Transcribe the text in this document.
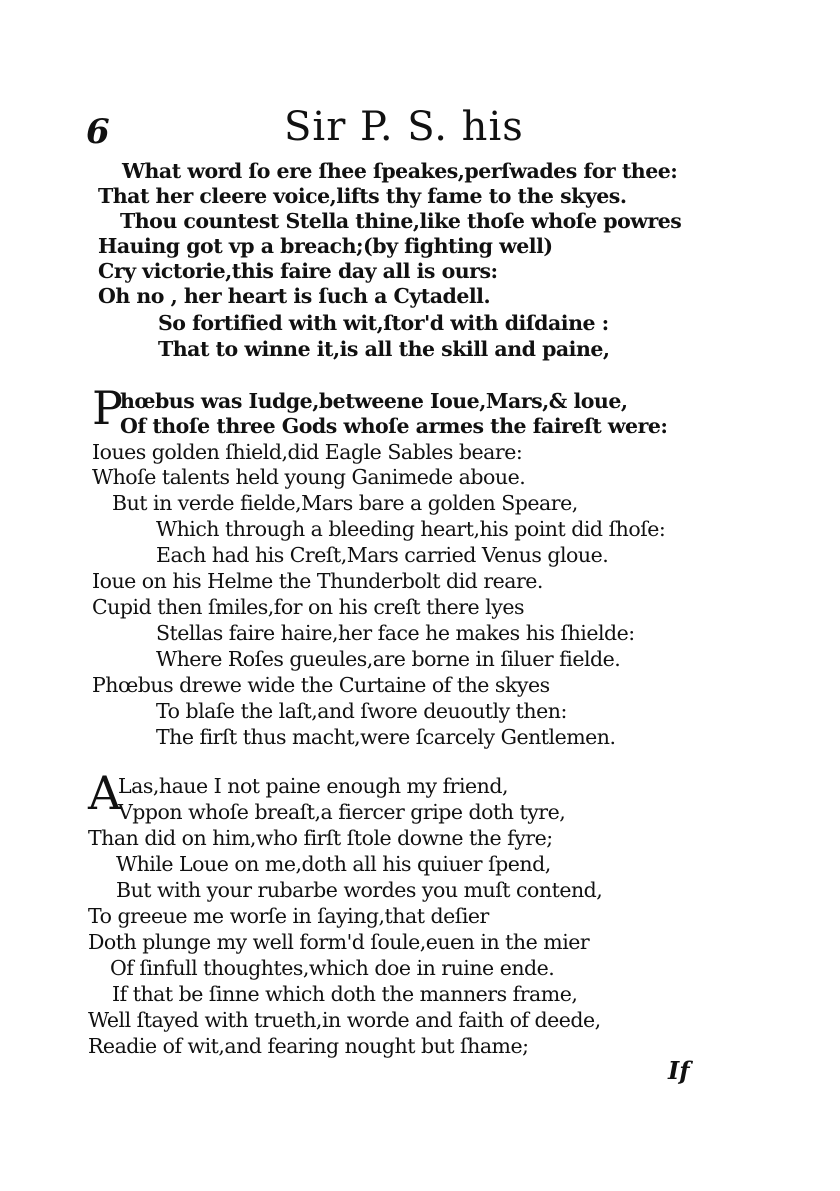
6	Sir P. S. his
What word ſo ere ſhee ſpeakes,perſwades for thee:
That her cleere voice,lifts thy fame to the skyes.
Thou countest Stella thine,like thoſe whoſe powres
Hauing got vp a breach;(by fighting well)
Cry victorie,this faire day all is ours:
Oh no , her heart is ſuch a Cytadell.
So fortified with wit,ſtor'd with diſdaine :
That to winne it,is all the skill and paine,
P
hœbus was Iudge,betweene Ioue,Mars,& loue,
Of thoſe three Gods whoſe armes the faireſt were:
Ioues golden ſhield,did Eagle Sables beare:
Whoſe talents held young Ganimede aboue.
But in verde fielde,Mars bare a golden Speare,
Which through a bleeding heart,his point did ſhoſe:
Each had his Creſt,Mars carried Venus gloue.
Ioue on his Helme the Thunderbolt did reare.
Cupid then ſmiles,for on his creſt there lyes
Stellas faire haire,her face he makes his ſhielde:
Where Roſes gueules,are borne in ſiluer fielde.
Phœbus drewe wide the Curtaine of the skyes
To blaſe the laſt,and ſwore deuoutly then:
The firſt thus macht,were ſcarcely Gentlemen.
A
Las,haue I not paine enough my friend,
Vppon whoſe breaſt,a fiercer gripe doth tyre,
Than did on him,who firſt ſtole downe the fyre;
While Loue on me,doth all his quiuer ſpend,
But with your rubarbe wordes you muſt contend,
To greeue me worſe in ſaying,that deſier
Doth plunge my well form'd ſoule,euen in the mier
Of ſinfull thoughtes,which doe in ruine ende.
If that be ſinne which doth the manners frame,
Well ſtayed with trueth,in worde and faith of deede,
Readie of wit,and fearing nought but ſhame;
If
